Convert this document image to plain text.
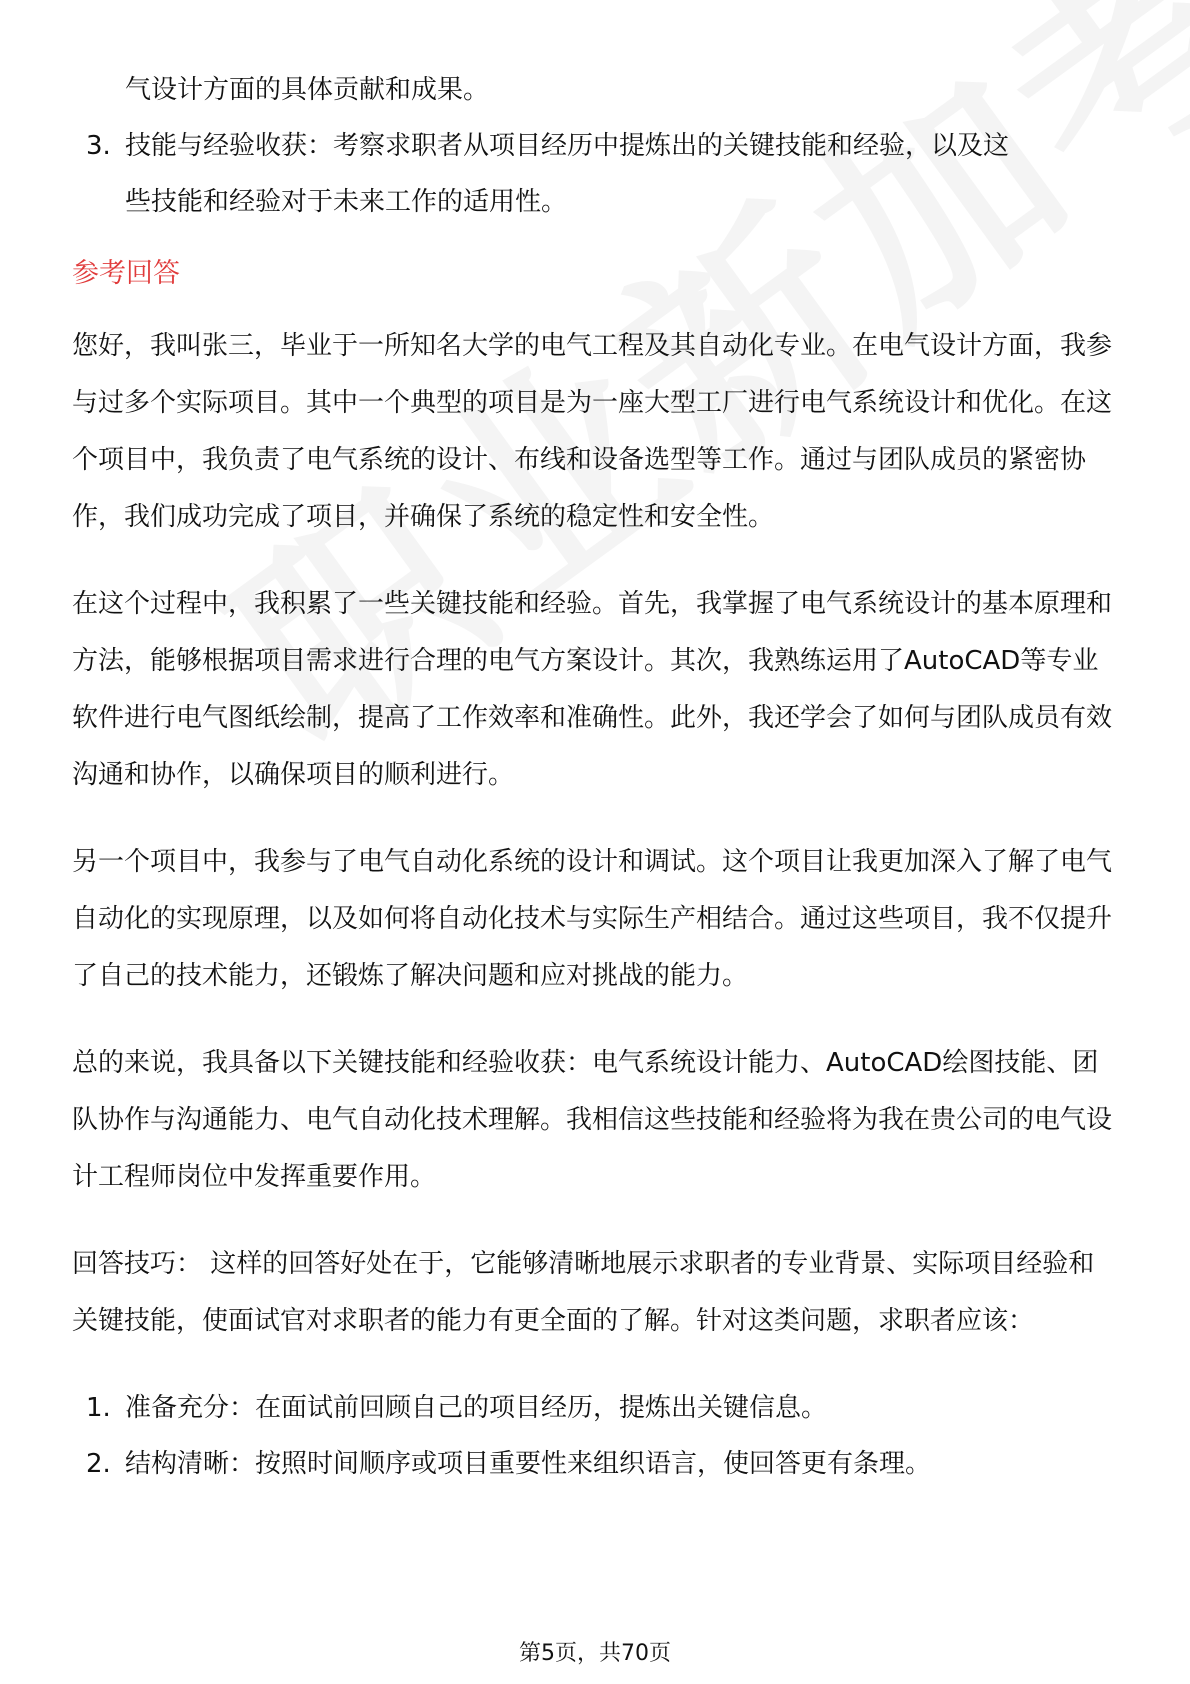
气设计方面的具体贡献和成果。
3. 技能与经验收获：考察求职者从项目经历中提炼出的关键技能和经验，以及这
些技能和经验对于未来工作的适用性。
参考回答

您好，我叫张三，毕业于一所知名大学的电气工程及其自动化专业。在电气设计方面，我参与过多个实际项目。其中一个典型的项目是为一座大型工厂进行电气系统设计和优化。在这个项目中，我负责了电气系统的设计、布线和设备选型等工作。通过与团队成员的紧密协作，我们成功完成了项目，并确保了系统的稳定性和安全性。

在这个过程中，我积累了一些关键技能和经验。首先，我掌握了电气系统设计的基本原理和方法，能够根据项目需求进行合理的电气方案设计。其次，我熟练运用了AutoCAD等专业软件进行电气图纸绘制，提高了工作效率和准确性。此外，我还学会了如何与团队成员有效沟通和协作，以确保项目的顺利进行。

另一个项目中，我参与了电气自动化系统的设计和调试。这个项目让我更加深入了解了电气自动化的实现原理，以及如何将自动化技术与实际生产相结合。通过这些项目，我不仅提升了自己的技术能力，还锻炼了解决问题和应对挑战的能力。

总的来说，我具备以下关键技能和经验收获：电气系统设计能力、AutoCAD绘图技能、团队协作与沟通能力、电气自动化技术理解。我相信这些技能和经验将为我在贵公司的电气设计工程师岗位中发挥重要作用。

回答技巧： 这样的回答好处在于，它能够清晰地展示求职者的专业背景、实际项目经验和关键技能，使面试官对求职者的能力有更全面的了解。针对这类问题，求职者应该：

1. 准备充分：在面试前回顾自己的项目经历，提炼出关键信息。
2. 结构清晰：按照时间顺序或项目重要性来组织语言，使回答更有条理。
第5页，共70页
